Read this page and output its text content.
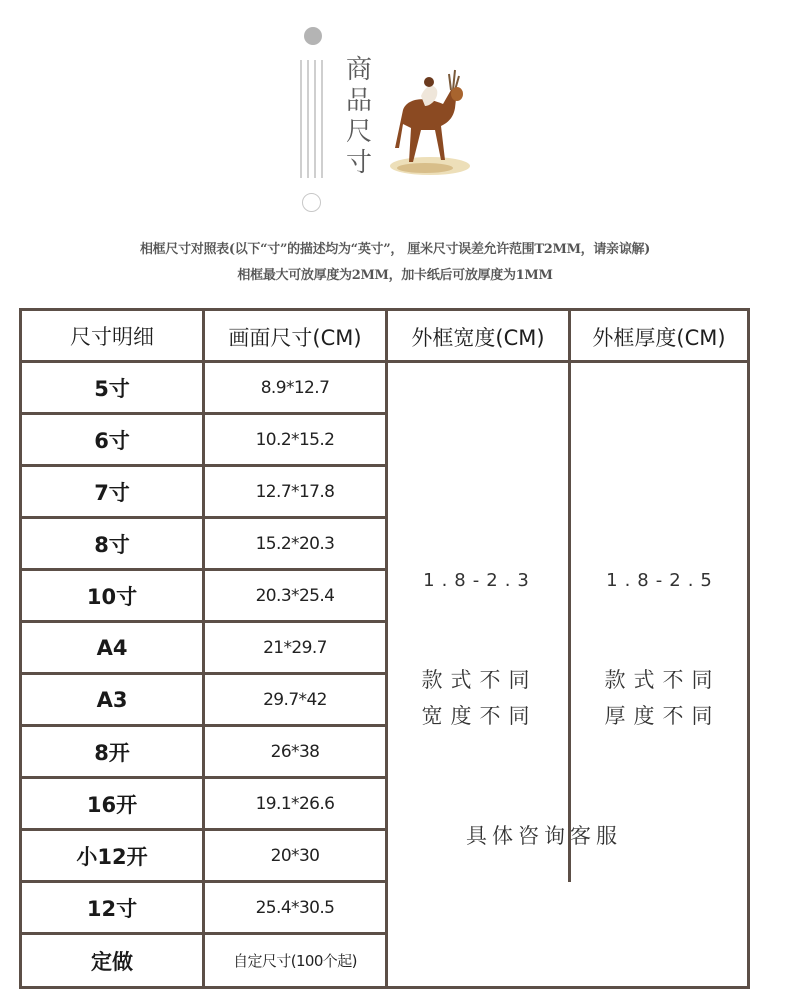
商
品
尺
寸
相框尺寸对照表(以下“寸”的描述均为“英寸”， 厘米尺寸误差允许范围T2MM，请亲谅解)
相框最大可放厚度为2MM，加卡纸后可放厚度为1MM
尺寸明细	画面尺寸(CM)	外框宽度(CM)	外框厚度(CM)
5寸	8.9*12.7
6寸	10.2*15.2
7寸	12.7*17.8
8寸	15.2*20.3
10寸	20.3*25.4
A4	21*29.7
A3	29.7*42
8开	26*38
16开	19.1*26.6
小12开	20*30
12寸	25.4*30.5
定做	自定尺寸(100个起)
1.8-2.3
款式不同
宽度不同
1.8-2.5
款式不同
厚度不同
具体咨询客服
